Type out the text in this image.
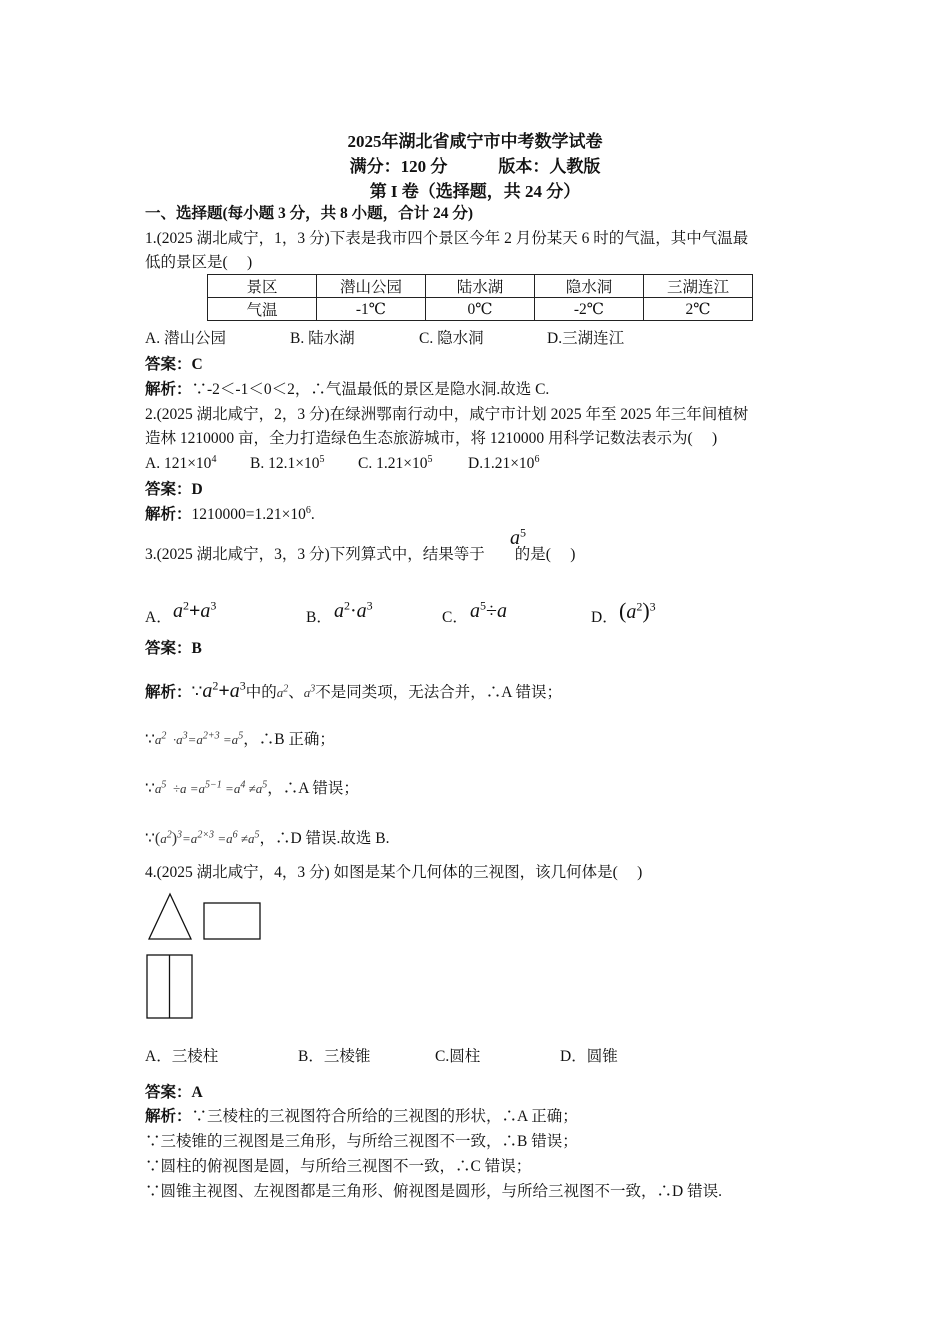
2025年湖北省咸宁市中考数学试卷
满分：120 分　　　版本：人教版
第 I 卷（选择题，共 24 分）
一、选择题(每小题 3 分，共 8 小题，合计 24 分)
1.(2025 湖北咸宁，1，3 分)下表是我市四个景区今年 2 月份某天 6 时的气温，其中气温最
低的景区是(　 )
景区	潜山公园	陆水湖	隐水洞	三湖连江
气温	-1℃	0℃	-2℃	2℃
A. 潜山公园	B. 陆水湖	C. 隐水洞	D.三湖连江
答案：C
解析：∵-2＜-1＜0＜2，∴气温最低的景区是隐水洞.故选 C.
2.(2025 湖北咸宁，2，3 分)在绿洲鄂南行动中，咸宁市计划 2025 年至 2025 年三年间植树
造林 1210000 亩，全力打造绿色生态旅游城市，将 1210000 用科学记数法表示为(　 )
A. $121\times 10^4$ B. $12.1\times 10^5$ C. $1.21\times 10^5$ $D.1.21\times 10^6$
答案：D
解析：$1210000=1.21\times 10^6$.
3.(2025 湖北咸宁，3，3 分)下列算式中，结果等于 的是(　 )
$a^5$
A． $a^2+a^3$
B． $a^2\cdot a^3$
C． $a^5\div a$	D． $(a^2)^3$
答案：B
解析：$\because a^2+a^3$中的$a^2$、$a^3$不是同类项，无法合并，∴A 错误；
$\because a^2 \cdot a^3=a^{2+3} =a^5$，∴B 正确；
$\because a^5 \div a =a^{5-1} =a^4 \ne a^5$，∴A 错误；
$\because(a^2)^3=a^{2\times 3} =a^6 \ne a^5$，∴D 错误.故选 B.
4.(2025 湖北咸宁，4，3 分) 如图是某个几何体的三视图，该几何体是(　 )
A．三棱柱	B．三棱锥	C.圆柱	D．圆锥
答案：A
解析：∵三棱柱的三视图符合所给的三视图的形状，∴A 正确；
∵三棱锥的三视图是三角形，与所给三视图不一致，∴B 错误；
∵圆柱的俯视图是圆，与所给三视图不一致，∴C 错误；
∵圆锥主视图、左视图都是三角形、俯视图是圆形，与所给三视图不一致，∴D 错误.
